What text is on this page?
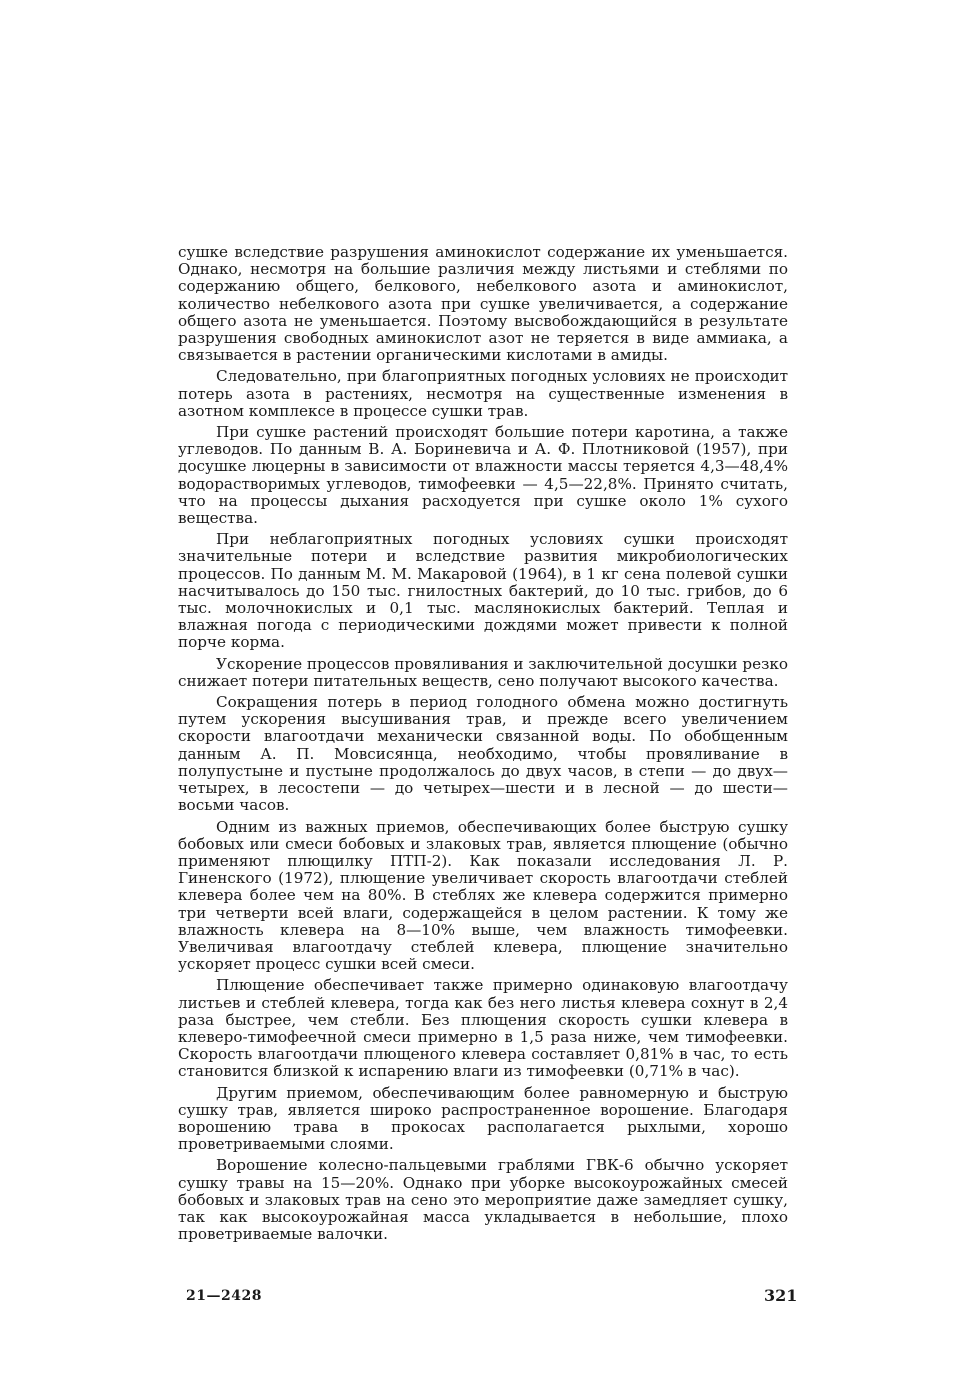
сушке вследствие разрушения аминокислот содержание их уменьшается. Однако, несмотря на большие различия между листьями и стеблями по содержанию общего, белкового, небелкового азота и аминокислот, количество небелкового азота при сушке увеличивается, а содержание общего азота не уменьшается. Поэтому высвобождающийся в результате разрушения свободных аминокислот азот не теряется в виде аммиака, а связывается в растении органическими кислотами в амиды.

Следовательно, при благоприятных погодных условиях не происходит потерь азота в растениях, несмотря на существенные изменения в азотном комплексе в процессе сушки трав.

При сушке растений происходят большие потери каротина, а также углеводов. По данным В. А. Бориневича и А. Ф. Плотниковой (1957), при досушке люцерны в зависимости от влажности массы теряется 4,3—48,4% водорастворимых углеводов, тимофеевки — 4,5—22,8%. Принято считать, что на процессы дыхания расходуется при сушке около 1% сухого вещества.

При неблагоприятных погодных условиях сушки происходят значительные потери и вследствие развития микробиологических процессов. По данным М. М. Макаровой (1964), в 1 кг сена полевой сушки насчитывалось до 150 тыс. гнилостных бактерий, до 10 тыс. грибов, до 6 тыс. молочнокислых и 0,1 тыс. маслянокислых бактерий. Теплая и влажная погода с периодическими дождями может привести к полной порче корма.

Ускорение процессов провяливания и заключительной досушки резко снижает потери питательных веществ, сено получают высокого качества.

Сокращения потерь в период голодного обмена можно достигнуть путем ускорения высушивания трав, и прежде всего увеличением скорости влагоотдачи механически связанной воды. По обобщенным данным А. П. Мовсисянца, необходимо, чтобы провяливание в полупустыне и пустыне продолжалось до двух часов, в степи — до двух—четырех, в лесостепи — до четырех—шести и в лесной — до шести—восьми часов.

Одним из важных приемов, обеспечивающих более быструю сушку бобовых или смеси бобовых и злаковых трав, является плющение (обычно применяют плющилку ПТП-2). Как показали исследования Л. Р. Гиненского (1972), плющение увеличивает скорость влагоотдачи стеблей клевера более чем на 80%. В стеблях же клевера содержится примерно три четверти всей влаги, содержащейся в целом растении. К тому же влажность клевера на 8—10% выше, чем влажность тимофеевки. Увеличивая влагоотдачу стеблей клевера, плющение значительно ускоряет процесс сушки всей смеси.

Плющение обеспечивает также примерно одинаковую влагоотдачу листьев и стеблей клевера, тогда как без него листья клевера сохнут в 2,4 раза быстрее, чем стебли. Без плющения скорость сушки клевера в клеверо-тимофеечной смеси примерно в 1,5 раза ниже, чем тимофеевки. Скорость влагоотдачи плющеного клевера составляет 0,81% в час, то есть становится близкой к испарению влаги из тимофеевки (0,71% в час).

Другим приемом, обеспечивающим более равномерную и быструю сушку трав, является широко распространенное ворошение. Благодаря ворошению трава в прокосах располагается рыхлыми, хорошо проветриваемыми слоями.

Ворошение колесно-пальцевыми граблями ГВК-6 обычно ускоряет сушку травы на 15—20%. Однако при уборке высокоурожайных смесей бобовых и злаковых трав на сено это мероприятие даже замедляет сушку, так как высокоурожайная масса укладывается в небольшие, плохо проветриваемые валочки.

21—2428	321
